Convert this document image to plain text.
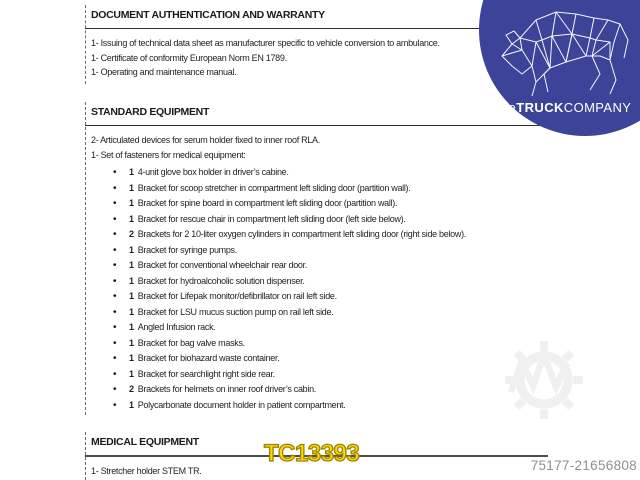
DOCUMENT AUTHENTICATION AND WARRANTY
1- Issuing of technical data sheet as manufacturer specific to vehicle conversion to ambulance.
1- Certificate of conformity European Norm EN 1789.
1- Operating and maintenance manual.
STANDARD EQUIPMENT
2- Articulated devices for serum holder fixed to inner roof RLA.
1- Set of fasteners for medical equipment:
• 1 4-unit glove box holder in driver’s cabine.
• 1 Bracket for scoop stretcher in compartment left sliding door (partition wall).
• 1 Bracket for spine board in compartment left sliding door (partition wall).
• 1 Bracket for rescue chair in compartment left sliding door (left side below).
• 2 Brackets for 2 10-liter oxygen cylinders in compartment left sliding door (right side below).
• 1 Bracket for syringe pumps.
• 1 Bracket for conventional wheelchair rear door.
• 1 Bracket for hydroalcoholic solution dispenser.
• 1 Bracket for Lifepak monitor/defibrillator on rail left side.
• 1 Bracket for LSU mucus suction pump on rail left side.
• 1 Angled Infusion rack.
• 1 Bracket for bag valve masks.
• 1 Bracket for biohazard waste container.
• 1 Bracket for searchlight right side rear.
• 2 Brackets for helmets on inner roof driver’s cabin.
• 1 Polycarbonate document holder in patient compartment.
MEDICAL EQUIPMENT
1- Stretcher holder STEM TR.
theTRUCKCOMPANY
TC13393	75177-21656808
